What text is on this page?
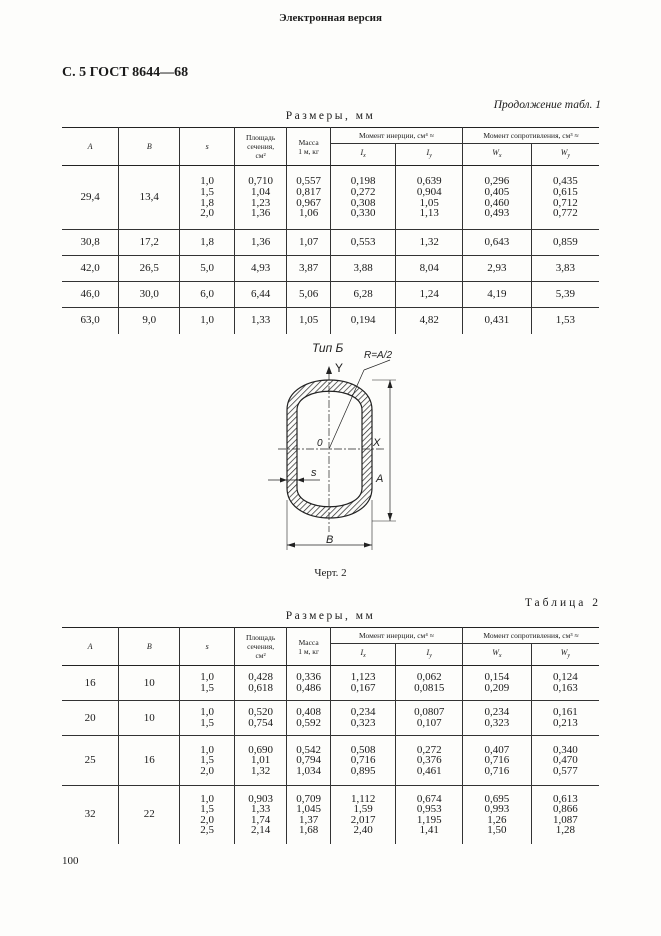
Электронная версия
С. 5 ГОСТ 8644—68
Продолжение табл. 1
Размеры, мм
A	B	s	Площадь
сечения,
см²	Масса
1 м, кг	Момент инерции, см⁴ ≈		Момент сопротивления, см³ ≈	
					$I_x$	$I_y$	$W_x$	$W_y$
29,4	13,4	1,0
1,5
1,8
2,0	0,710
1,04
1,23
1,36	0,557
0,817
0,967
1,06	0,198
0,272
0,308
0,330	0,639
0,904
1,05
1,13	0,296
0,405
0,460
0,493	0,435
0,615
0,712
0,772

30,8	17,2	1,8	1,36	1,07	0,553	1,32	0,643	0,859

42,0	26,5	5,0	4,93	3,87	3,88	8,04	2,93	3,83

46,0	30,0	6,0	6,44	5,06	6,28	1,24	4,19	5,39

63,0	9,0	1,0	1,33	1,05	0,194	4,82	0,431	1,53
Тип Б
R=A/2
Y
X
0
s	A
B
Черт. 2
Таблица 2
Размеры, мм
A	B	s	Площадь
сечения,
см²	Масса
1 м, кг	Момент инерции, см⁴ ≈		Момент сопротивления, см³ ≈	
					$I_x$	$I_y$	$W_x$	$W_y$
16	10	1,0
1,5	0,428
0,618	0,336
0,486	1,123
0,167	0,062
0,0815	0,154
0,209	0,124
0,163

20	10	1,0
1,5	0,520
0,754	0,408
0,592	0,234
0,323	0,0807
0,107	0,234
0,323	0,161
0,213

25	16	1,0
1,5
2,0	0,690
1,01
1,32	0,542
0,794
1,034	0,508
0,716
0,895	0,272
0,376
0,461	0,407
0,716
0,716	0,340
0,470
0,577

32	22	1,0
1,5
2,0
2,5	0,903
1,33
1,74
2,14	0,709
1,045
1,37
1,68	1,112
1,59
2,017
2,40	0,674
0,953
1,195
1,41	0,695
0,993
1,26
1,50	0,613
0,866
1,087
1,28
100
